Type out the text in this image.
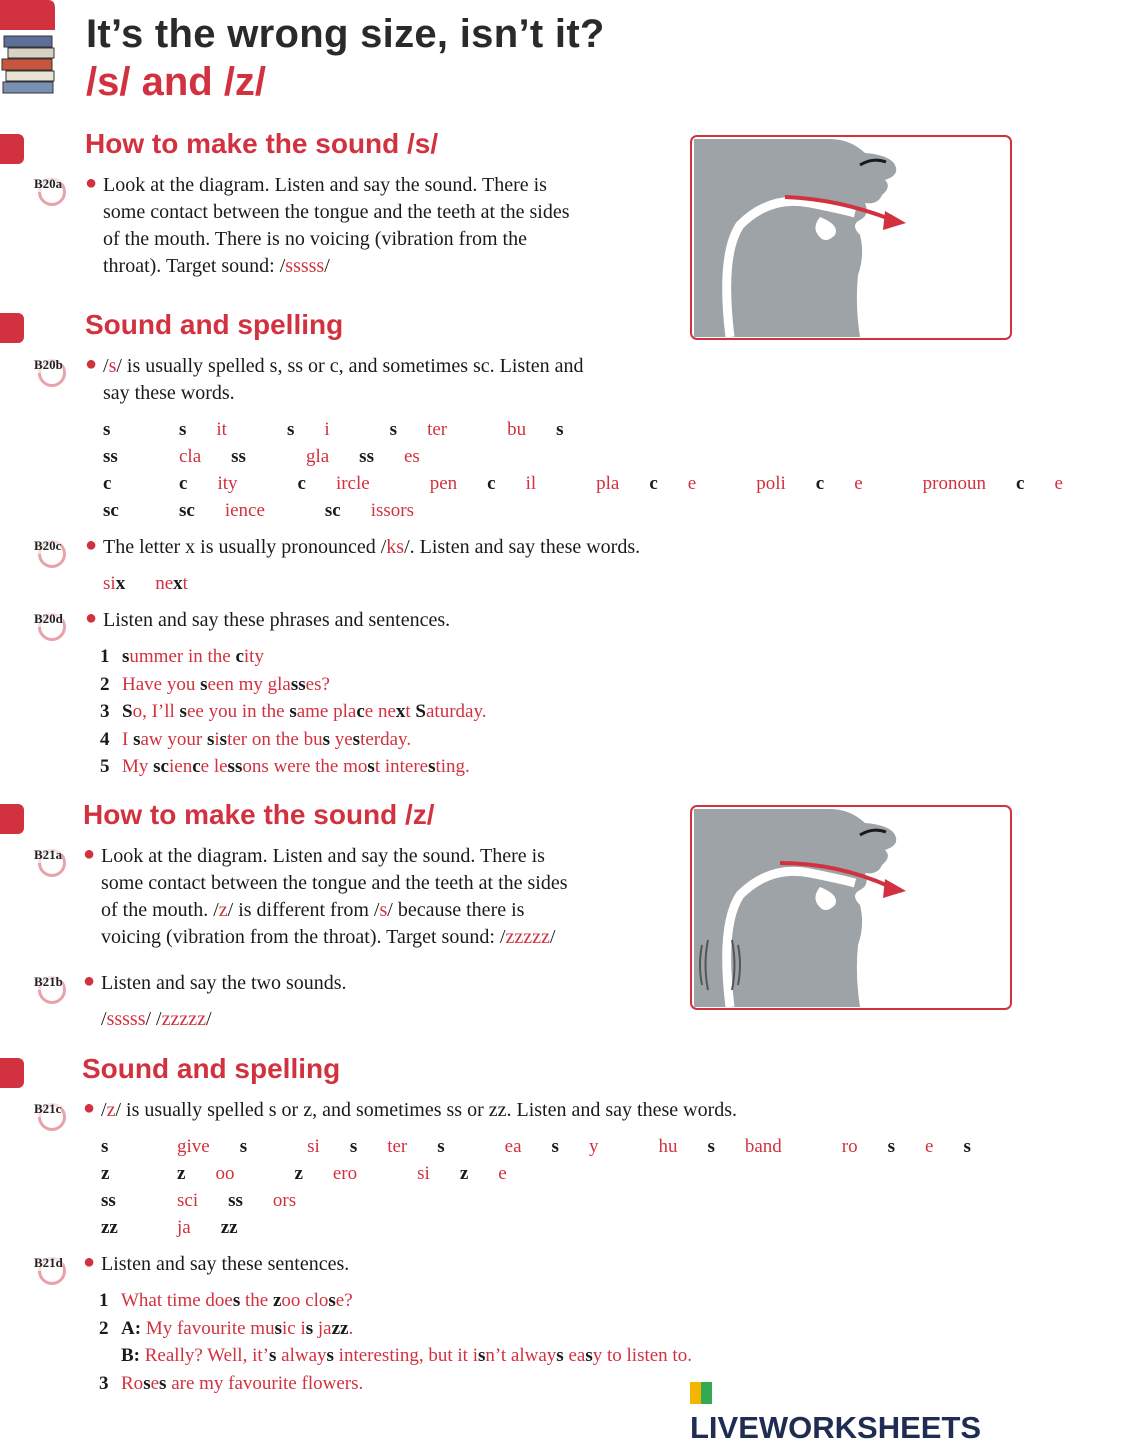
It’s the wrong size, isn’t it?
/s/ and /z/
How to make the sound /s/
B20a ● Look at the diagram. Listen and say the sound. There is
some contact between the tongue and the teeth at the sides
of the mouth. There is no voicing (vibration from the
throat). Target sound: /sssss/
Sound and spelling
B20b ● /s/ is usually spelled s, ss or c, and sometimes sc. Listen and
say these words.
s	s it	s i	s ter	bu s
ss	cla ss	gla ss es
c	c ity	c ircle	pen c il	pla c e	poli c e	pronoun c e
sc	sc ience	sc issors
B20c ● The letter x is usually pronounced /ks/. Listen and say these words.
six next
B20d ● Listen and say these phrases and sentences.
1 summer in the city
2 Have you seen my glasses?
3 So, I’ll see you in the same place next Saturday.
4 I saw your sister on the bus yesterday.
5 My science lessons were the most interesting.
How to make the sound /z/
B21a ● Look at the diagram. Listen and say the sound. There is
some contact between the tongue and the teeth at the sides
of the mouth. /z/ is different from /s/ because there is
voicing (vibration from the throat). Target sound: /zzzzz/
B21b ● Listen and say the two sounds.
/sssss/ /zzzzz/
Sound and spelling
B21c ● /z/ is usually spelled s or z, and sometimes ss or zz. Listen and say these words.
s	give s	si s ter s	ea s y	hu s band	ro s e s
z	z oo	z ero	si z e
ss	sci ss ors
zz	ja zz
B21d ● Listen and say these sentences.
1 What time does the zoo close?
2 A: My favourite music is jazz.
B: Really? Well, it’s always interesting, but it isn’t always easy to listen to.
3 Roses are my favourite flowers.
LIVEWORKSHEETS
